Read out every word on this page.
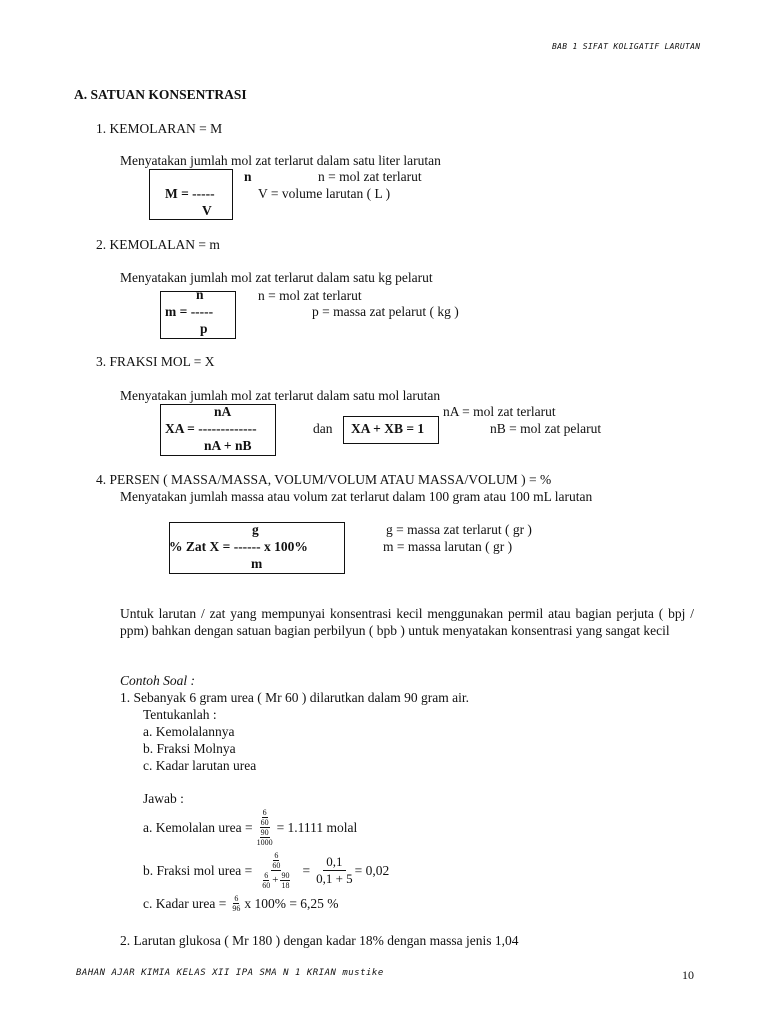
BAB 1 SIFAT KOLIGATIF LARUTAN
A. SATUAN KONSENTRASI
1. KEMOLARAN = M
Menyatakan jumlah mol zat terlarut dalam satu liter larutan
n
M = -----
V
n = mol zat terlarut
V = volume larutan ( L )
2. KEMOLALAN = m
Menyatakan jumlah mol zat terlarut dalam satu kg pelarut
n
m = -----
p
n = mol zat terlarut
p = massa zat pelarut ( kg )
3. FRAKSI MOL = X
Menyatakan jumlah mol zat terlarut dalam satu mol larutan
nA
XA = -------------
nA + nB
dan XA + XB = 1
nA = mol zat terlarut
nB = mol zat pelarut
4. PERSEN ( MASSA/MASSA, VOLUM/VOLUM ATAU MASSA/VOLUM ) = %
Menyatakan jumlah massa atau volum zat terlarut dalam 100 gram atau 100 mL larutan
g
% Zat X = ------ x 100%
m
g = massa zat terlarut ( gr )
m = massa larutan ( gr )
Untuk larutan / zat yang mempunyai konsentrasi kecil menggunakan permil atau bagian perjuta ( bpj / ppm) bahkan dengan satuan bagian perbilyun ( bpb ) untuk menyatakan konsentrasi yang sangat kecil
Contoh Soal :
1. Sebanyak 6 gram urea ( Mr 60 ) dilarutkan dalam 90 gram air.
Tentukanlah :
a. Kemolalannya
b. Fraksi Molnya
c. Kadar larutan urea
Jawab :
a. Kemolalan urea = $\frac{\frac{6}{60}}{\frac{90}{1000}} = 1.1111$ molal
b. Fraksi mol urea = $\frac{\frac{6}{60}}{\frac{6}{60} + \frac{90}{18}} = \frac{0,1}{0,1 + 5} = 0,02$
c. Kadar urea = $\frac{6}{96}$ x 100% = 6,25 %
2. Larutan glukosa ( Mr 180 ) dengan kadar 18% dengan massa jenis 1,04
BAHAN AJAR KIMIA KELAS XII IPA SMA N 1 KRIAN mustike	10
